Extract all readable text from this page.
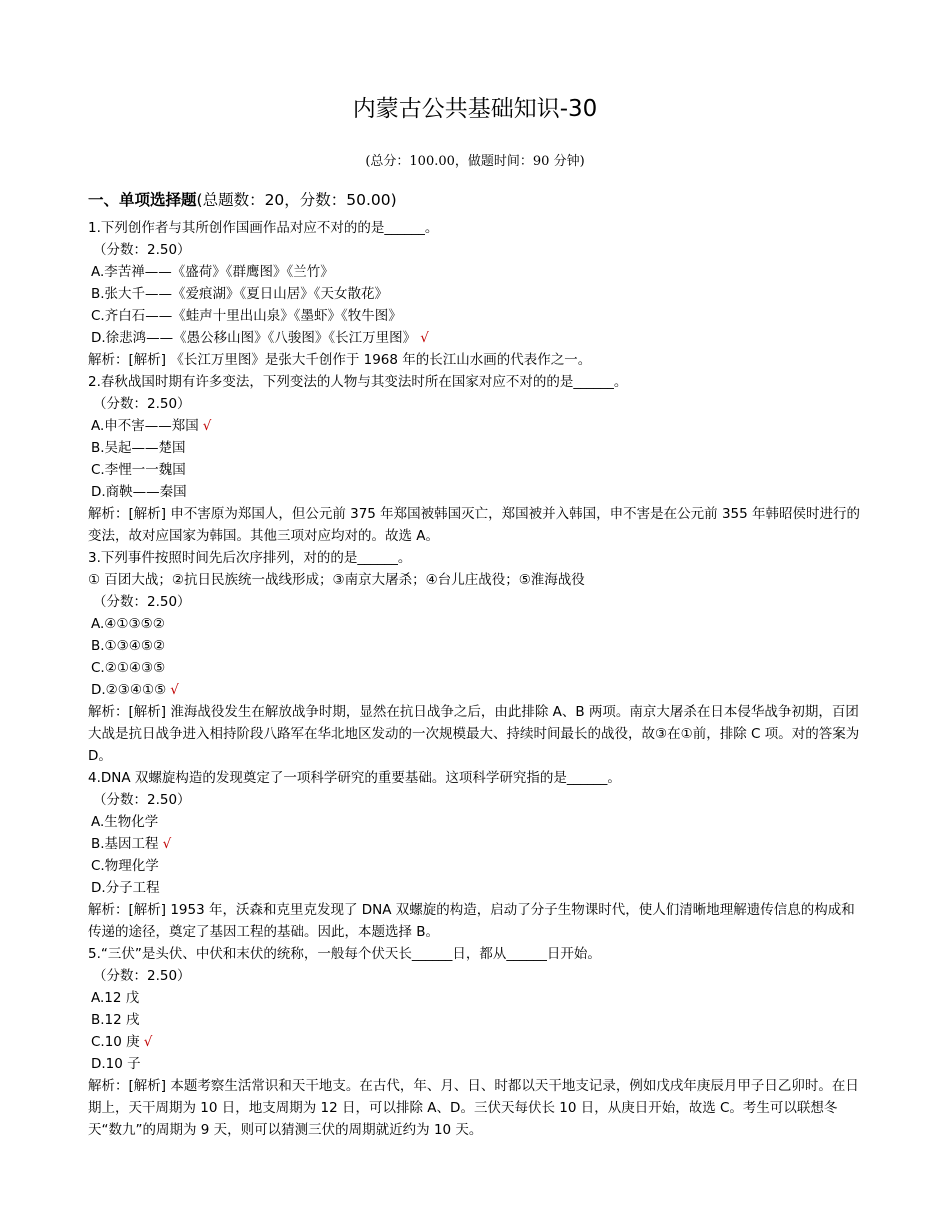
内蒙古公共基础知识-30
(总分：100.00，做题时间：90 分钟)
一、单项选择题(总题数：20，分数：50.00)
1.下列创作者与其所创作国画作品对应不对的的是______。
（分数：2.50）
A.李苦禅——《盛荷》《群鹰图》《兰竹》
B.张大千——《爱痕湖》《夏日山居》《天女散花》
C.齐白石——《蛙声十里出山泉》《墨虾》《牧牛图》
D.徐悲鸿——《愚公移山图》《八骏图》《长江万里图》 √
解析：[解析] 《长江万里图》是张大千创作于 1968 年的长江山水画的代表作之一。
2.春秋战国时期有许多变法，下列变法的人物与其变法时所在国家对应不对的的是______。
（分数：2.50）
A.申不害——郑国 √
B.吴起——楚国
C.李悝一一魏国
D.商鞅——秦国
解析：[解析] 申不害原为郑国人，但公元前 375 年郑国被韩国灭亡，郑国被并入韩国，申不害是在公元前 355 年韩昭侯时进行的变法，故对应国家为韩国。其他三项对应均对的。故选 A。
3.下列事件按照时间先后次序排列，对的的是______。
① 百团大战；②抗日民族统一战线形成；③南京大屠杀；④台儿庄战役；⑤淮海战役
（分数：2.50）
A.④①③⑤②
B.①③④⑤②
C.②①④③⑤
D.②③④①⑤ √
解析：[解析] 淮海战役发生在解放战争时期，显然在抗日战争之后，由此排除 A、B 两项。南京大屠杀在日本侵华战争初期，百团大战是抗日战争进入相持阶段八路军在华北地区发动的一次规模最大、持续时间最长的战役，故③在①前，排除 C 项。对的答案为 D。
4.DNA 双螺旋构造的发现奠定了一项科学研究的重要基础。这项科学研究指的是______。
（分数：2.50）
A.生物化学
B.基因工程 √
C.物理化学
D.分子工程
解析：[解析] 1953 年，沃森和克里克发现了 DNA 双螺旋的构造，启动了分子生物课时代，使人们清晰地理解遗传信息的构成和传递的途径，奠定了基因工程的基础。因此，本题选择 B。
5.“三伏”是头伏、中伏和末伏的统称，一般每个伏天长______日，都从______日开始。
（分数：2.50）
A.12 戊
B.12 戌
C.10 庚 √
D.10 子
解析：[解析] 本题考察生活常识和天干地支。在古代，年、月、日、时都以天干地支记录，例如戊戌年庚辰月甲子日乙卯时。在日期上，天干周期为 10 日，地支周期为 12 日，可以排除 A、D。三伏天每伏长 10 日，从庚日开始，故选 C。考生可以联想冬天“数九”的周期为 9 天，则可以猜测三伏的周期就近约为 10 天。
